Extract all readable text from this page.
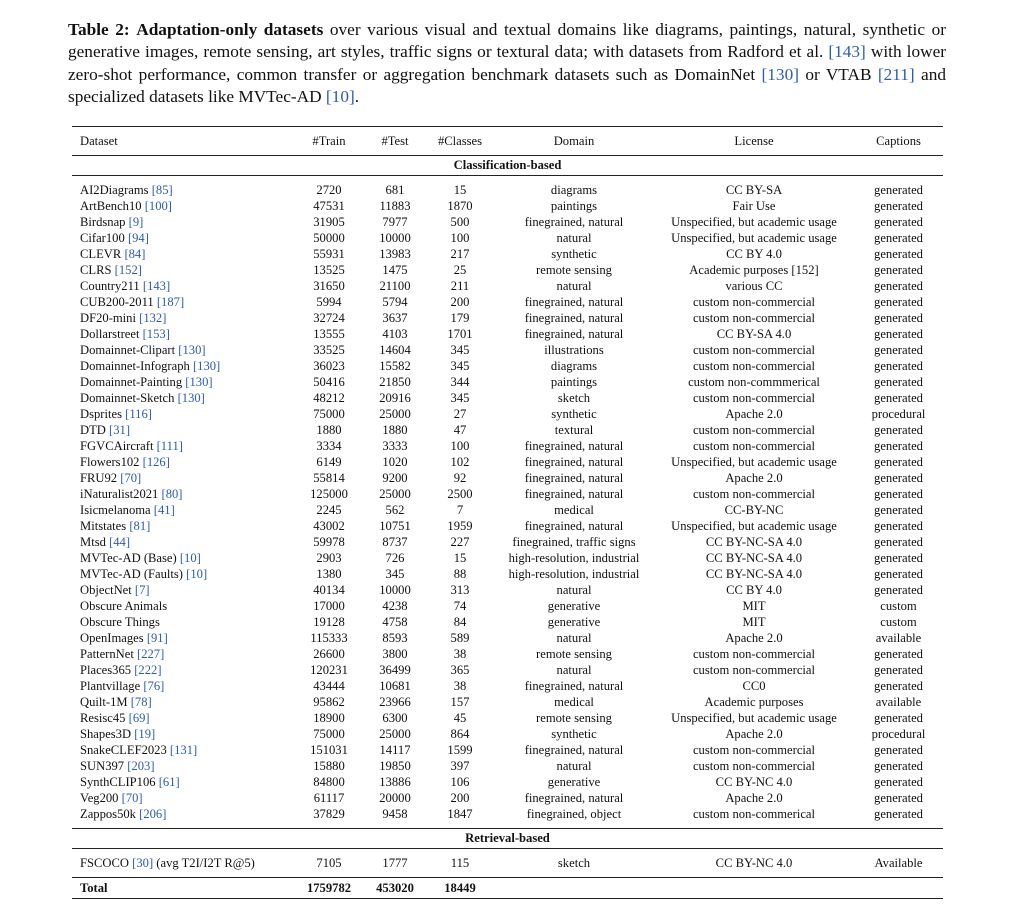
Table 2: Adaptation-only datasets over various visual and textual domains like diagrams, paintings, natural, synthetic or generative images, remote sensing, art styles, traffic signs or textural data; with datasets from Radford et al. [143] with lower zero-shot performance, common transfer or aggregation benchmark datasets such as DomainNet [130] or VTAB [211] and specialized datasets like MVTec-AD [10].
Dataset	#Train	#Test	#Classes	Domain	License	Captions
Classification-based						

AI2Diagrams [85]	2720	681	15	diagrams	CC BY-SA	generated
ArtBench10 [100]	47531	11883	1870	paintings	Fair Use	generated
Birdsnap [9]	31905	7977	500	finegrained, natural	Unspecified, but academic usage	generated
Cifar100 [94]	50000	10000	100	natural	Unspecified, but academic usage	generated
CLEVR [84]	55931	13983	217	synthetic	CC BY 4.0	generated
CLRS [152]	13525	1475	25	remote sensing	Academic purposes [152]	generated
Country211 [143]	31650	21100	211	natural	various CC	generated
CUB200-2011 [187]	5994	5794	200	finegrained, natural	custom non-commercial	generated
DF20-mini [132]	32724	3637	179	finegrained, natural	custom non-commercial	generated
Dollarstreet [153]	13555	4103	1701	finegrained, natural	CC BY-SA 4.0	generated
Domainnet-Clipart [130]	33525	14604	345	illustrations	custom non-commercial	generated
Domainnet-Infograph [130]	36023	15582	345	diagrams	custom non-commercial	generated
Domainnet-Painting [130]	50416	21850	344	paintings	custom non-commmerical	generated
Domainnet-Sketch [130]	48212	20916	345	sketch	custom non-commercial	generated
Dsprites [116]	75000	25000	27	synthetic	Apache 2.0	procedural
DTD [31]	1880	1880	47	textural	custom non-commercial	generated
FGVCAircraft [111]	3334	3333	100	finegrained, natural	custom non-commercial	generated
Flowers102 [126]	6149	1020	102	finegrained, natural	Unspecified, but academic usage	generated
FRU92 [70]	55814	9200	92	finegrained, natural	Apache 2.0	generated
iNaturalist2021 [80]	125000	25000	2500	finegrained, natural	custom non-commercial	generated
Isicmelanoma [41]	2245	562	7	medical	CC-BY-NC	generated
Mitstates [81]	43002	10751	1959	finegrained, natural	Unspecified, but academic usage	generated
Mtsd [44]	59978	8737	227	finegrained, traffic signs	CC BY-NC-SA 4.0	generated
MVTec-AD (Base) [10]	2903	726	15	high-resolution, industrial	CC BY-NC-SA 4.0	generated
MVTec-AD (Faults) [10]	1380	345	88	high-resolution, industrial	CC BY-NC-SA 4.0	generated
ObjectNet [7]	40134	10000	313	natural	CC BY 4.0	generated
Obscure Animals	17000	4238	74	generative	MIT	custom
Obscure Things	19128	4758	84	generative	MIT	custom
OpenImages [91]	115333	8593	589	natural	Apache 2.0	available
PatternNet [227]	26600	3800	38	remote sensing	custom non-commercial	generated
Places365 [222]	120231	36499	365	natural	custom non-commercial	generated
Plantvillage [76]	43444	10681	38	finegrained, natural	CC0	generated
Quilt-1M [78]	95862	23966	157	medical	Academic purposes	available
Resisc45 [69]	18900	6300	45	remote sensing	Unspecified, but academic usage	generated
Shapes3D [19]	75000	25000	864	synthetic	Apache 2.0	procedural
SnakeCLEF2023 [131]	151031	14117	1599	finegrained, natural	custom non-commercial	generated
SUN397 [203]	15880	19850	397	natural	custom non-commercial	generated
SynthCLIP106 [61]	84800	13886	106	generative	CC BY-NC 4.0	generated
Veg200 [70]	61117	20000	200	finegrained, natural	Apache 2.0	generated
Zappos50k [206]	37829	9458	1847	finegrained, object	custom non-commerical	generated

Retrieval-based						
FSCOCO [30] (avg T2I/I2T R@5)	7105	1777	115	sketch	CC BY-NC 4.0	Available
Total	1759782	453020	18449			
